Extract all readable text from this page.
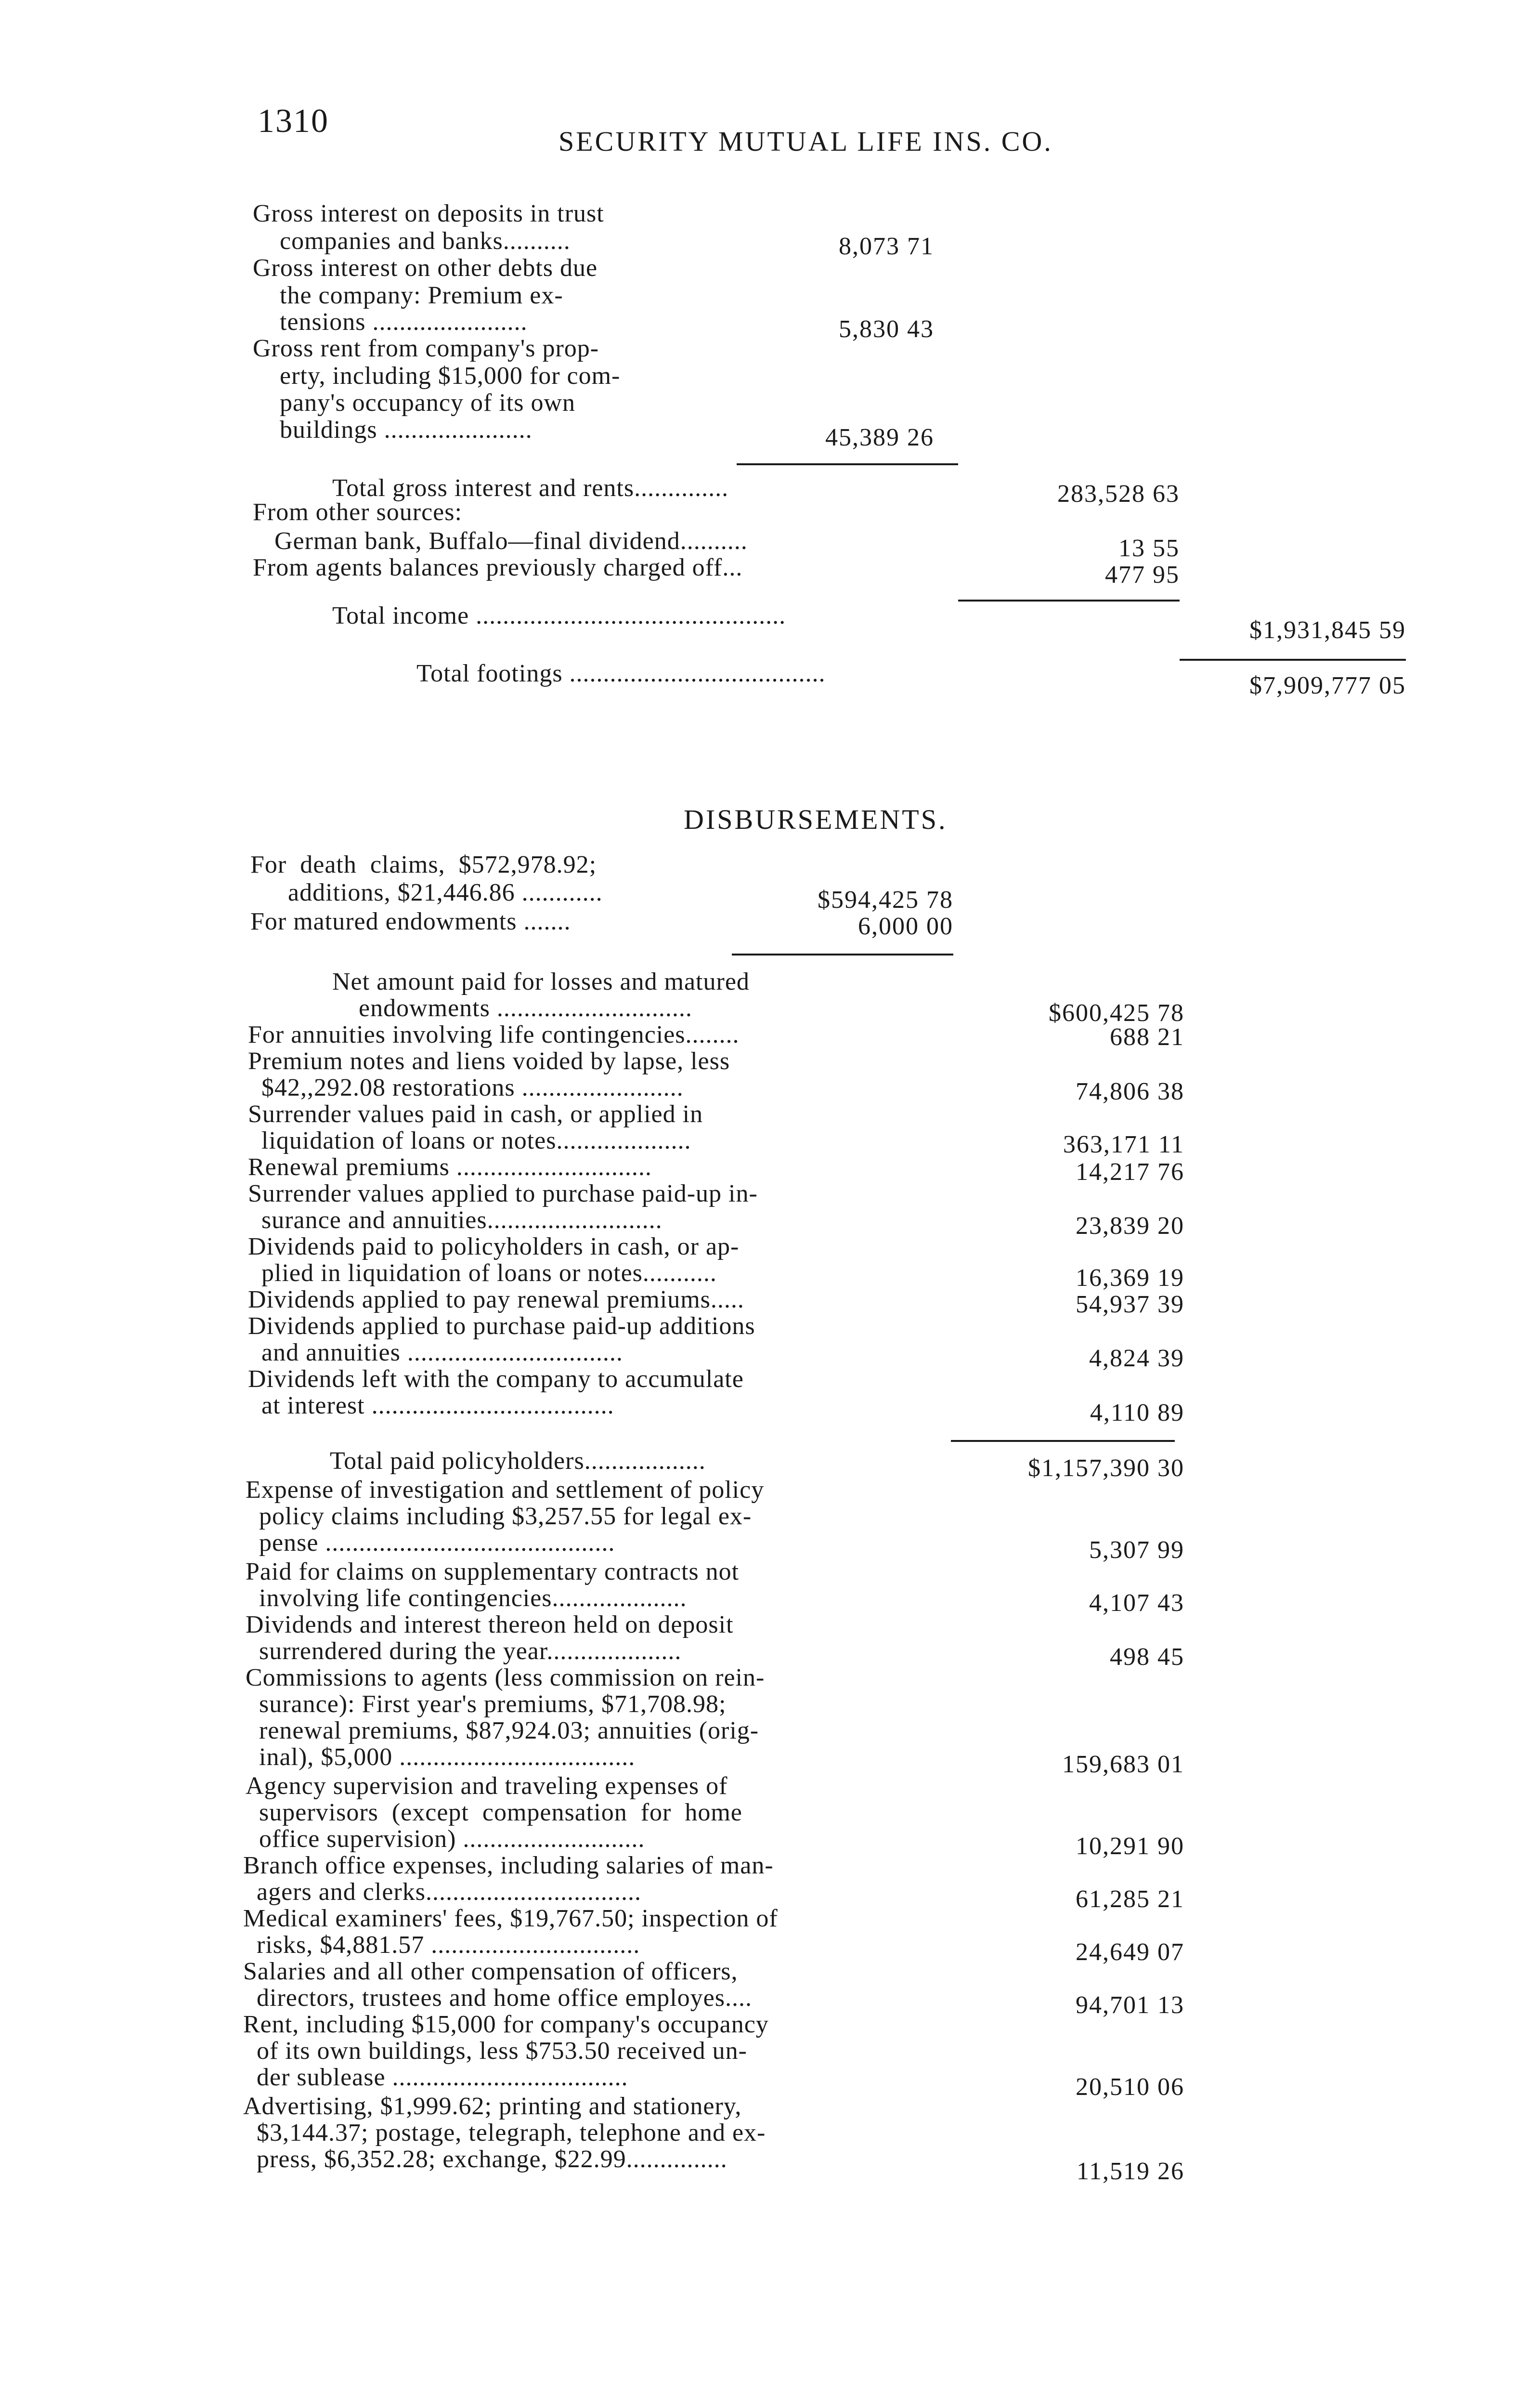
1310
SECURITY MUTUAL LIFE INS. CO.
Gross interest on deposits in trust
companies and banks..........	8,073 71
Gross interest on other debts due
the company: Premium ex-
tensions .......................	5,830 43
Gross rent from company's prop-
erty, including $15,000 for com-
pany's occupancy of its own
buildings ......................	45,389 26
Total gross interest and rents..............	283,528 63
From other sources:
German bank, Buffalo—final dividend..........	13 55
From agents balances previously charged off...	477 95
Total income ..............................................
$1,931,845 59
Total footings ......................................	$7,909,777 05
DISBURSEMENTS.
For  death  claims,  $572,978.92;
additions, $21,446.86 ............	$594,425 78
For matured endowments .......	6,000 00
Net amount paid for losses and matured
endowments .............................	$600,425 78
For annuities involving life contingencies........	688 21
Premium notes and liens voided by lapse, less
$42,,292.08 restorations ........................	74,806 38
Surrender values paid in cash, or applied in
liquidation of loans or notes....................	363,171 11
Renewal premiums .............................	14,217 76
Surrender values applied to purchase paid-up in-
surance and annuities..........................	23,839 20
Dividends paid to policyholders in cash, or ap-
plied in liquidation of loans or notes...........	16,369 19
Dividends applied to pay renewal premiums.....	54,937 39
Dividends applied to purchase paid-up additions
and annuities ................................	4,824 39
Dividends left with the company to accumulate
at interest ....................................	4,110 89
Total paid policyholders..................	$1,157,390 30
Expense of investigation and settlement of policy
policy claims including $3,257.55 for legal ex-
pense ...........................................	5,307 99
Paid for claims on supplementary contracts not
involving life contingencies....................	4,107 43
Dividends and interest thereon held on deposit
surrendered during the year....................	498 45
Commissions to agents (less commission on rein-
surance): First year's premiums, $71,708.98;
renewal premiums, $87,924.03; annuities (orig-
inal), $5,000 ...................................	159,683 01
Agency supervision and traveling expenses of
supervisors  (except  compensation  for  home
office supervision) ...........................	10,291 90
Branch office expenses, including salaries of man-
agers and clerks................................	61,285 21
Medical examiners' fees, $19,767.50; inspection of
risks, $4,881.57 ...............................	24,649 07
Salaries and all other compensation of officers,
directors, trustees and home office employes....	94,701 13
Rent, including $15,000 for company's occupancy
of its own buildings, less $753.50 received un-
der sublease ...................................	20,510 06
Advertising, $1,999.62; printing and stationery,
$3,144.37; postage, telegraph, telephone and ex-
press, $6,352.28; exchange, $22.99...............	11,519 26
